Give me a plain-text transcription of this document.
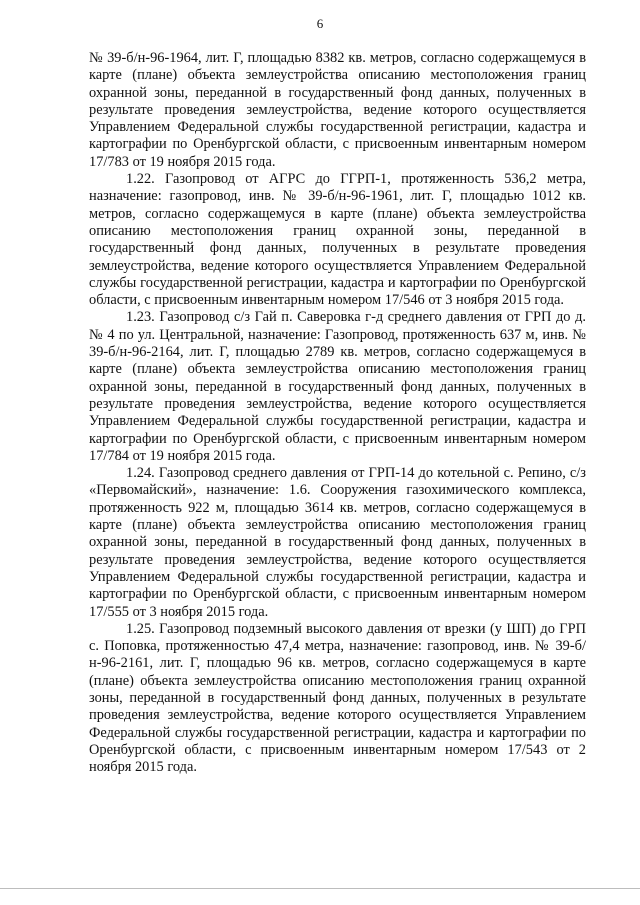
6

№ 39-б/н-96-1964, лит. Г, площадью 8382 кв. метров, согласно содержащемуся в карте (плане) объекта землеустройства описанию местоположения границ охранной зоны, переданной в государственный фонд данных, полученных в результате проведения землеустройства, ведение которого осуществляется Управлением Федеральной службы государственной регистрации, кадастра и картографии по Оренбургской области, с присвоенным инвентарным номером 17/783 от 19 ноября 2015 года.

1.22. Газопровод от АГРС до ГГРП-1, протяженность 536,2 метра, назначение: газопровод, инв. № 39-б/н-96-1961, лит. Г, площадью 1012 кв. метров, согласно содержащемуся в карте (плане) объекта землеустройства описанию местоположения границ охранной зоны, переданной в государственный фонд данных, полученных в результате проведения землеустройства, ведение которого осуществляется Управлением Федеральной службы государственной регистрации, кадастра и картографии по Оренбургской области, с присвоенным инвентарным номером 17/546 от 3 ноября 2015 года.

1.23. Газопровод с/з Гай п. Саверовка г-д среднего давления от ГРП до д. № 4 по ул. Центральной, назначение: Газопровод, протяженность 637 м, инв. № 39-б/н-96-2164, лит. Г, площадью 2789 кв. метров, согласно содержащемуся в карте (плане) объекта землеустройства описанию местоположения границ охранной зоны, переданной в государственный фонд данных, полученных в результате проведения землеустройства, ведение которого осуществляется Управлением Федеральной службы государственной регистрации, кадастра и картографии по Оренбургской области, с присвоенным инвентарным номером 17/784 от 19 ноября 2015 года.

1.24. Газопровод среднего давления от ГРП-14 до котельной с. Репино, с/з «Первомайский», назначение: 1.6. Сооружения газохимического комплекса, протяженность 922 м, площадью 3614 кв. метров, согласно содержащемуся в карте (плане) объекта землеустройства описанию местоположения границ охранной зоны, переданной в государственный фонд данных, полученных в результате проведения землеустройства, ведение которого осуществляется Управлением Федеральной службы государственной регистрации, кадастра и картографии по Оренбургской области, с присвоенным инвентарным номером 17/555 от 3 ноября 2015 года.

1.25. Газопровод подземный высокого давления от врезки (у ШП) до ГРП с. Поповка, протяженностью 47,4 метра, назначение: газопровод, инв. № 39-б/н-96-2161, лит. Г, площадью 96 кв. метров, согласно содержащемуся в карте (плане) объекта землеустройства описанию местоположения границ охранной зоны, переданной в государственный фонд данных, полученных в результате проведения землеустройства, ведение которого осуществляется Управлением Федеральной службы государственной регистрации, кадастра и картографии по Оренбургской области, с присвоенным инвентарным номером 17/543 от 2 ноября 2015 года.
